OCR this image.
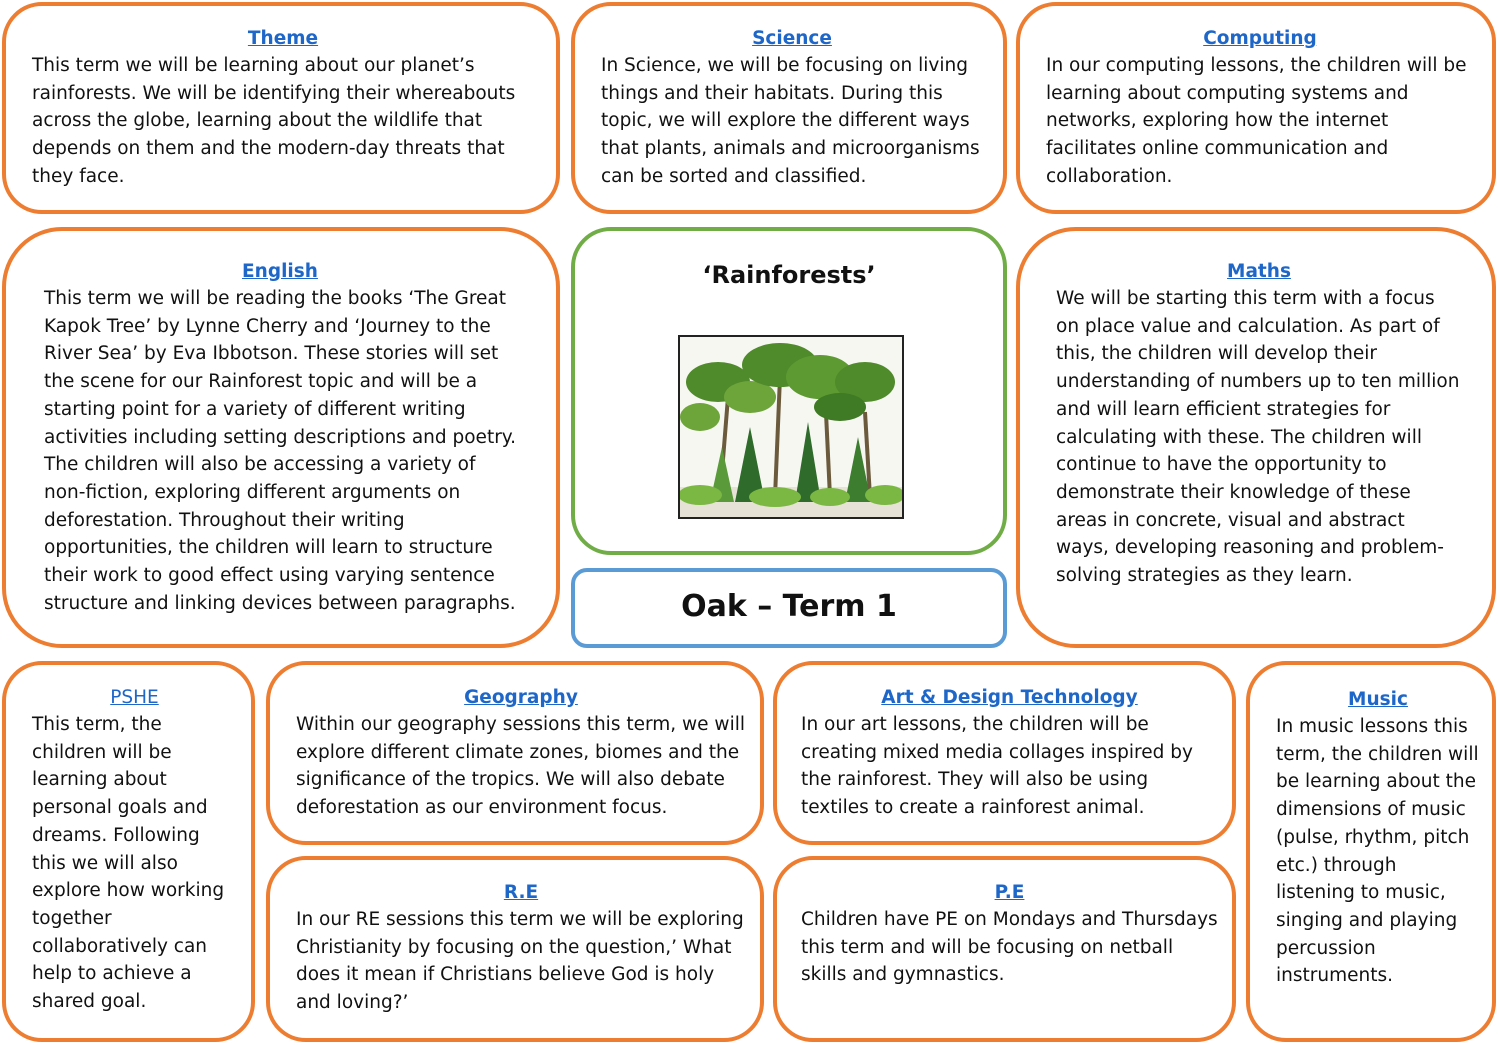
Theme
This term we will be learning about our planet’s rainforests. We will be identifying their whereabouts across the globe, learning about the wildlife that depends on them and the modern-day threats that they face.
Science
In Science, we will be focusing on living things and their habitats. During this topic, we will explore the different ways that plants, animals and microorganisms can be sorted and classified.
Computing
In our computing lessons, the children will be learning about computing systems and networks, exploring how the internet facilitates online communication and collaboration.
English
This term we will be reading the books ‘The Great Kapok Tree’ by Lynne Cherry and ‘Journey to the River Sea’ by Eva Ibbotson. These stories will set the scene for our Rainforest topic and will be a starting point for a variety of different writing activities including setting descriptions and poetry. The children will also be accessing a variety of non-fiction, exploring different arguments on deforestation. Throughout their writing opportunities, the children will learn to structure their work to good effect using varying sentence structure and linking devices between paragraphs.
‘Rainforests’
Oak – Term 1
Maths
We will be starting this term with a focus on place value and calculation. As part of this, the children will develop their understanding of numbers up to ten million and will learn efficient strategies for calculating with these. The children will continue to have the opportunity to demonstrate their knowledge of these areas in concrete, visual and abstract ways, developing reasoning and problem-solving strategies as they learn.
PSHE
This term, the children will be learning about personal goals and dreams. Following this we will also explore how working together collaboratively can help to achieve a shared goal.
Geography
Within our geography sessions this term, we will explore different climate zones, biomes and the significance of the tropics. We will also debate deforestation as our environment focus.
Art & Design Technology
In our art lessons, the children will be creating mixed media collages inspired by the rainforest. They will also be using textiles to create a rainforest animal.
Music
In music lessons this term, the children will be learning about the dimensions of music (pulse, rhythm, pitch etc.) through listening to music, singing and playing percussion instruments.
R.E
In our RE sessions this term we will be exploring Christianity by focusing on the question,’ What does it mean if Christians believe God is holy and loving?’
P.E
Children have PE on Mondays and Thursdays this term and will be focusing on netball skills and gymnastics.
